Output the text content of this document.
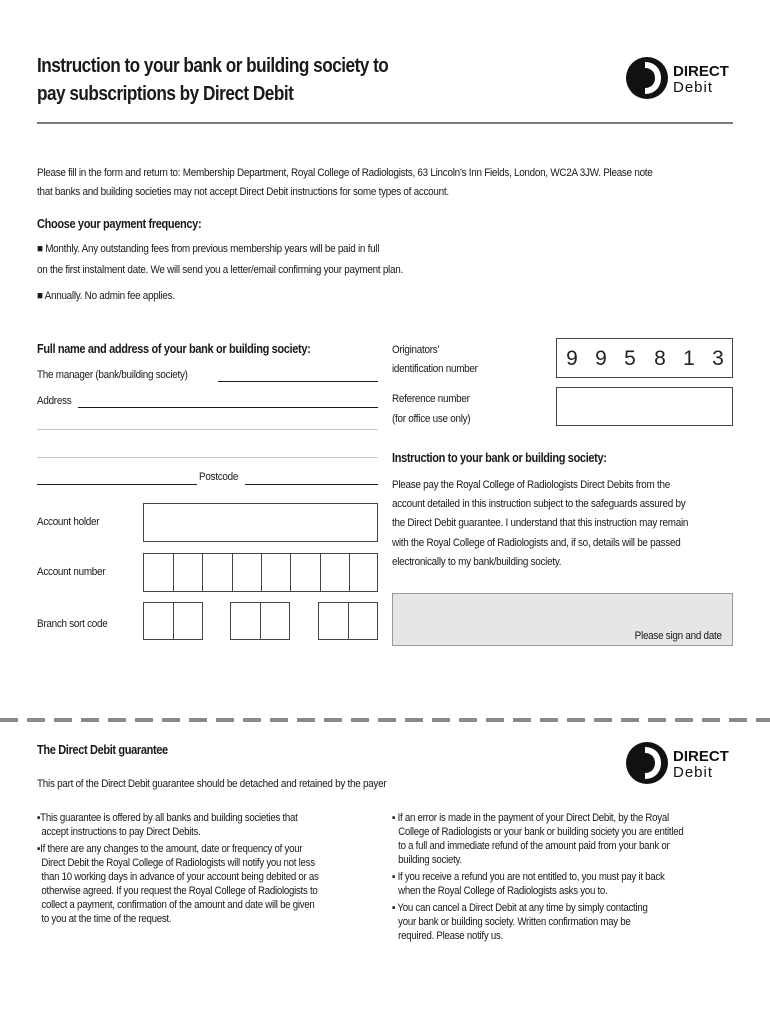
Instruction to your bank or building society to
pay subscriptions by Direct Debit
DIRECT
Debit
Please fill in the form and return to: Membership Department, Royal College of Radiologists, 63 Lincoln’s Inn Fields, London, WC2A 3JW. Please note
that banks and building societies may not accept Direct Debit instructions for some types of account.
Choose your payment frequency:
■ Monthly. Any outstanding fees from previous membership years will be paid in full
on the first instalment date. We will send you a letter/email confirming your payment plan.
■ Annually. No admin fee applies.
Full name and address of your bank or building society:
The manager (bank/building society)
Address
Postcode
Account holder
Account number
Branch sort code
Originators’
identification number	9 9 5 8 1 3
Reference number
(for office use only)
Instruction to your bank or building society:
Please pay the Royal College of Radiologists Direct Debits from the
account detailed in this instruction subject to the safeguards assured by
the Direct Debit guarantee. I understand that this instruction may remain
with the Royal College of Radiologists and, if so, details will be passed
electronically to my bank/building society.
Please sign and date
The Direct Debit guarantee
This part of the Direct Debit guarantee should be detached and retained by the payer
DIRECT
Debit
▪This guarantee is offered by all banks and building societies that
accept instructions to pay Direct Debits.
▪If there are any changes to the amount, date or frequency of your
Direct Debit the Royal College of Radiologists will notify you not less
than 10 working days in advance of your account being debited or as
otherwise agreed. If you request the Royal College of Radiologists to
collect a payment, confirmation of the amount and date will be given
to you at the time of the request.
▪ If an error is made in the payment of your Direct Debit, by the Royal
College of Radiologists or your bank or building society you are entitled
to a full and immediate refund of the amount paid from your bank or
building society.
▪ If you receive a refund you are not entitled to, you must pay it back
when the Royal College of Radiologists asks you to.
▪ You can cancel a Direct Debit at any time by simply contacting
your bank or building society. Written confirmation may be
required. Please notify us.
